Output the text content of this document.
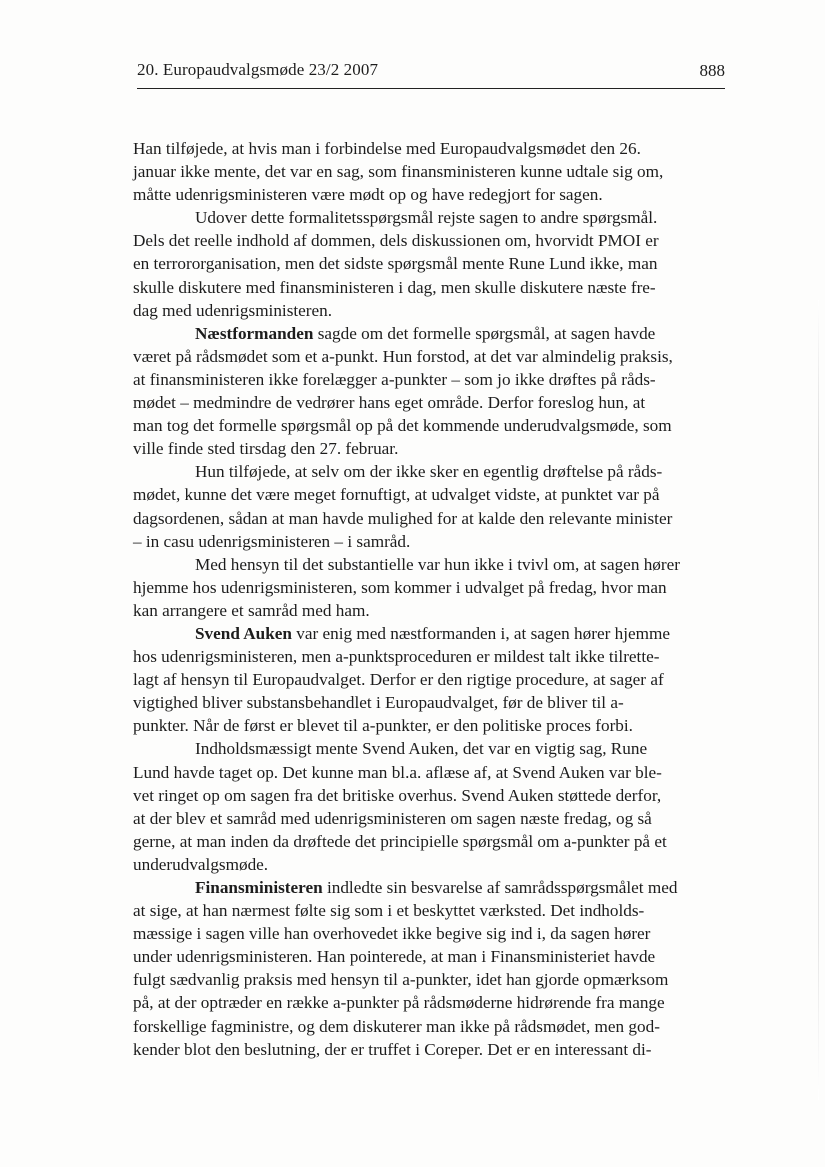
20. Europaudvalgsmøde 23/2 2007	888
Han tilføjede, at hvis man i forbindelse med Europaudvalgsmødet den 26.
januar ikke mente, det var en sag, som finansministeren kunne udtale sig om,
måtte udenrigsministeren være mødt op og have redegjort for sagen.
Udover dette formalitetsspørgsmål rejste sagen to andre spørgsmål.
Dels det reelle indhold af dommen, dels diskussionen om, hvorvidt PMOI er
en terrororganisation, men det sidste spørgsmål mente Rune Lund ikke, man
skulle diskutere med finansministeren i dag, men skulle diskutere næste fre-
dag med udenrigsministeren.
Næstformanden sagde om det formelle spørgsmål, at sagen havde
været på rådsmødet som et a-punkt. Hun forstod, at det var almindelig praksis,
at finansministeren ikke forelægger a-punkter – som jo ikke drøftes på råds-
mødet – medmindre de vedrører hans eget område. Derfor foreslog hun, at
man tog det formelle spørgsmål op på det kommende underudvalgsmøde, som
ville finde sted tirsdag den 27. februar.
Hun tilføjede, at selv om der ikke sker en egentlig drøftelse på råds-
mødet, kunne det være meget fornuftigt, at udvalget vidste, at punktet var på
dagsordenen, sådan at man havde mulighed for at kalde den relevante minister
– in casu udenrigsministeren – i samråd.
Med hensyn til det substantielle var hun ikke i tvivl om, at sagen hører
hjemme hos udenrigsministeren, som kommer i udvalget på fredag, hvor man
kan arrangere et samråd med ham.
Svend Auken var enig med næstformanden i, at sagen hører hjemme
hos udenrigsministeren, men a-punktsproceduren er mildest talt ikke tilrette-
lagt af hensyn til Europaudvalget. Derfor er den rigtige procedure, at sager af
vigtighed bliver substansbehandlet i Europaudvalget, før de bliver til a-
punkter. Når de først er blevet til a-punkter, er den politiske proces forbi.
Indholdsmæssigt mente Svend Auken, det var en vigtig sag, Rune
Lund havde taget op. Det kunne man bl.a. aflæse af, at Svend Auken var ble-
vet ringet op om sagen fra det britiske overhus. Svend Auken støttede derfor,
at der blev et samråd med udenrigsministeren om sagen næste fredag, og så
gerne, at man inden da drøftede det principielle spørgsmål om a-punkter på et
underudvalgsmøde.
Finansministeren indledte sin besvarelse af samrådsspørgsmålet med
at sige, at han nærmest følte sig som i et beskyttet værksted. Det indholds-
mæssige i sagen ville han overhovedet ikke begive sig ind i, da sagen hører
under udenrigsministeren. Han pointerede, at man i Finansministeriet havde
fulgt sædvanlig praksis med hensyn til a-punkter, idet han gjorde opmærksom
på, at der optræder en række a-punkter på rådsmøderne hidrørende fra mange
forskellige fagministre, og dem diskuterer man ikke på rådsmødet, men god-
kender blot den beslutning, der er truffet i Coreper. Det er en interessant di-
